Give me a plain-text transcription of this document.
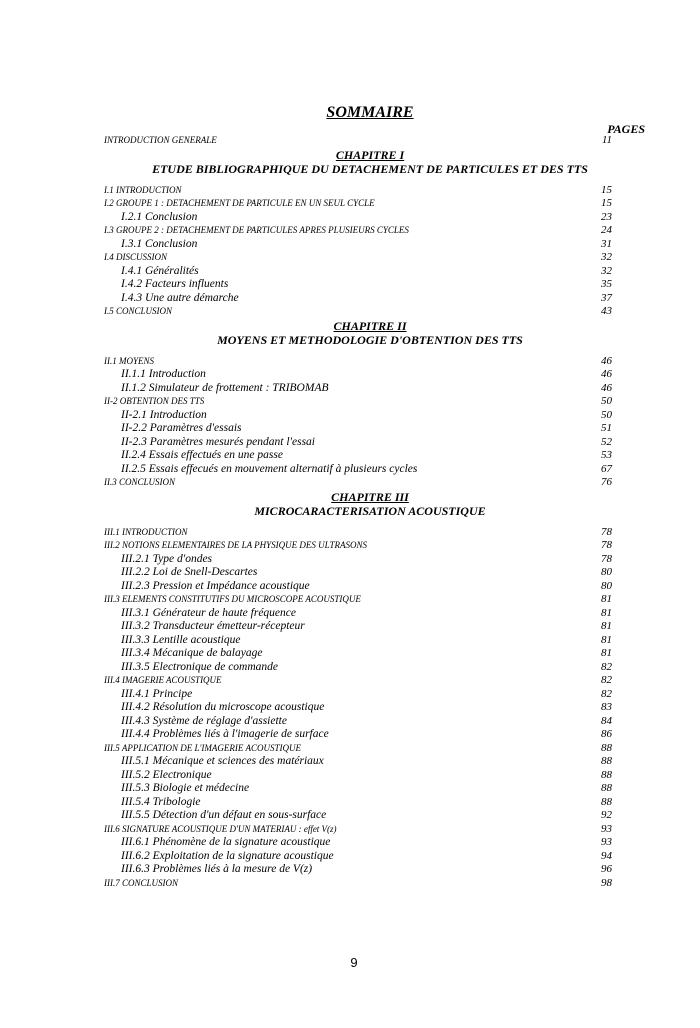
SOMMAIRE
PAGES
INTRODUCTION GENERALE	11
CHAPITRE I
ETUDE BIBLIOGRAPHIQUE DU DETACHEMENT DE PARTICULES ET DES TTS
I.1 INTRODUCTION	15
I.2 GROUPE 1 : DETACHEMENT DE PARTICULE EN UN SEUL CYCLE	15
I.2.1 Conclusion	23
I.3 GROUPE 2 : DETACHEMENT DE PARTICULES APRES PLUSIEURS CYCLES	24
I.3.1 Conclusion	31
I.4 DISCUSSION	32
I.4.1 Généralités	32
I.4.2 Facteurs influents	35
I.4.3 Une autre démarche	37
I.5 CONCLUSION	43
CHAPITRE II
MOYENS ET METHODOLOGIE D'OBTENTION DES TTS
II.1 MOYENS	46
II.1.1 Introduction	46
II.1.2 Simulateur de frottement : TRIBOMAB	46
II-2 OBTENTION DES TTS	50
II-2.1 Introduction	50
II-2.2 Paramètres d'essais	51
II-2.3 Paramètres mesurés pendant l'essai	52
II.2.4 Essais effectués en une passe	53
II.2.5 Essais effecués en mouvement alternatif à plusieurs cycles	67
II.3 CONCLUSION	76
CHAPITRE III
MICROCARACTERISATION ACOUSTIQUE
III.1 INTRODUCTION	78
III.2 NOTIONS ELEMENTAIRES DE LA PHYSIQUE DES ULTRASONS	78
III.2.1 Type d'ondes	78
III.2.2 Loi de Snell-Descartes	80
III.2.3 Pression et Impédance acoustique	80
III.3 ELEMENTS CONSTITUTIFS DU MICROSCOPE ACOUSTIQUE	81
III.3.1 Générateur de haute fréquence	81
III.3.2 Transducteur émetteur-récepteur	81
III.3.3 Lentille acoustique	81
III.3.4 Mécanique de balayage	81
III.3.5 Electronique de commande	82
III.4 IMAGERIE ACOUSTIQUE	82
III.4.1 Principe	82
III.4.2 Résolution du microscope acoustique	83
III.4.3 Système de réglage d'assiette	84
III.4.4 Problèmes liés à l'imagerie de surface	86
III.5 APPLICATION DE L'IMAGERIE ACOUSTIQUE	88
III.5.1 Mécanique et sciences des matériaux	88
III.5.2 Electronique	88
III.5.3 Biologie et médecine	88
III.5.4 Tribologie	88
III.5.5 Détection d'un défaut en sous-surface	92
III.6 SIGNATURE ACOUSTIQUE D'UN MATERIAU : effet V(z)	93
III.6.1 Phénomène de la signature acoustique	93
III.6.2 Exploitation de la signature acoustique	94
III.6.3 Problèmes liés à la mesure de V(z)	96
III.7 CONCLUSION	98
9
